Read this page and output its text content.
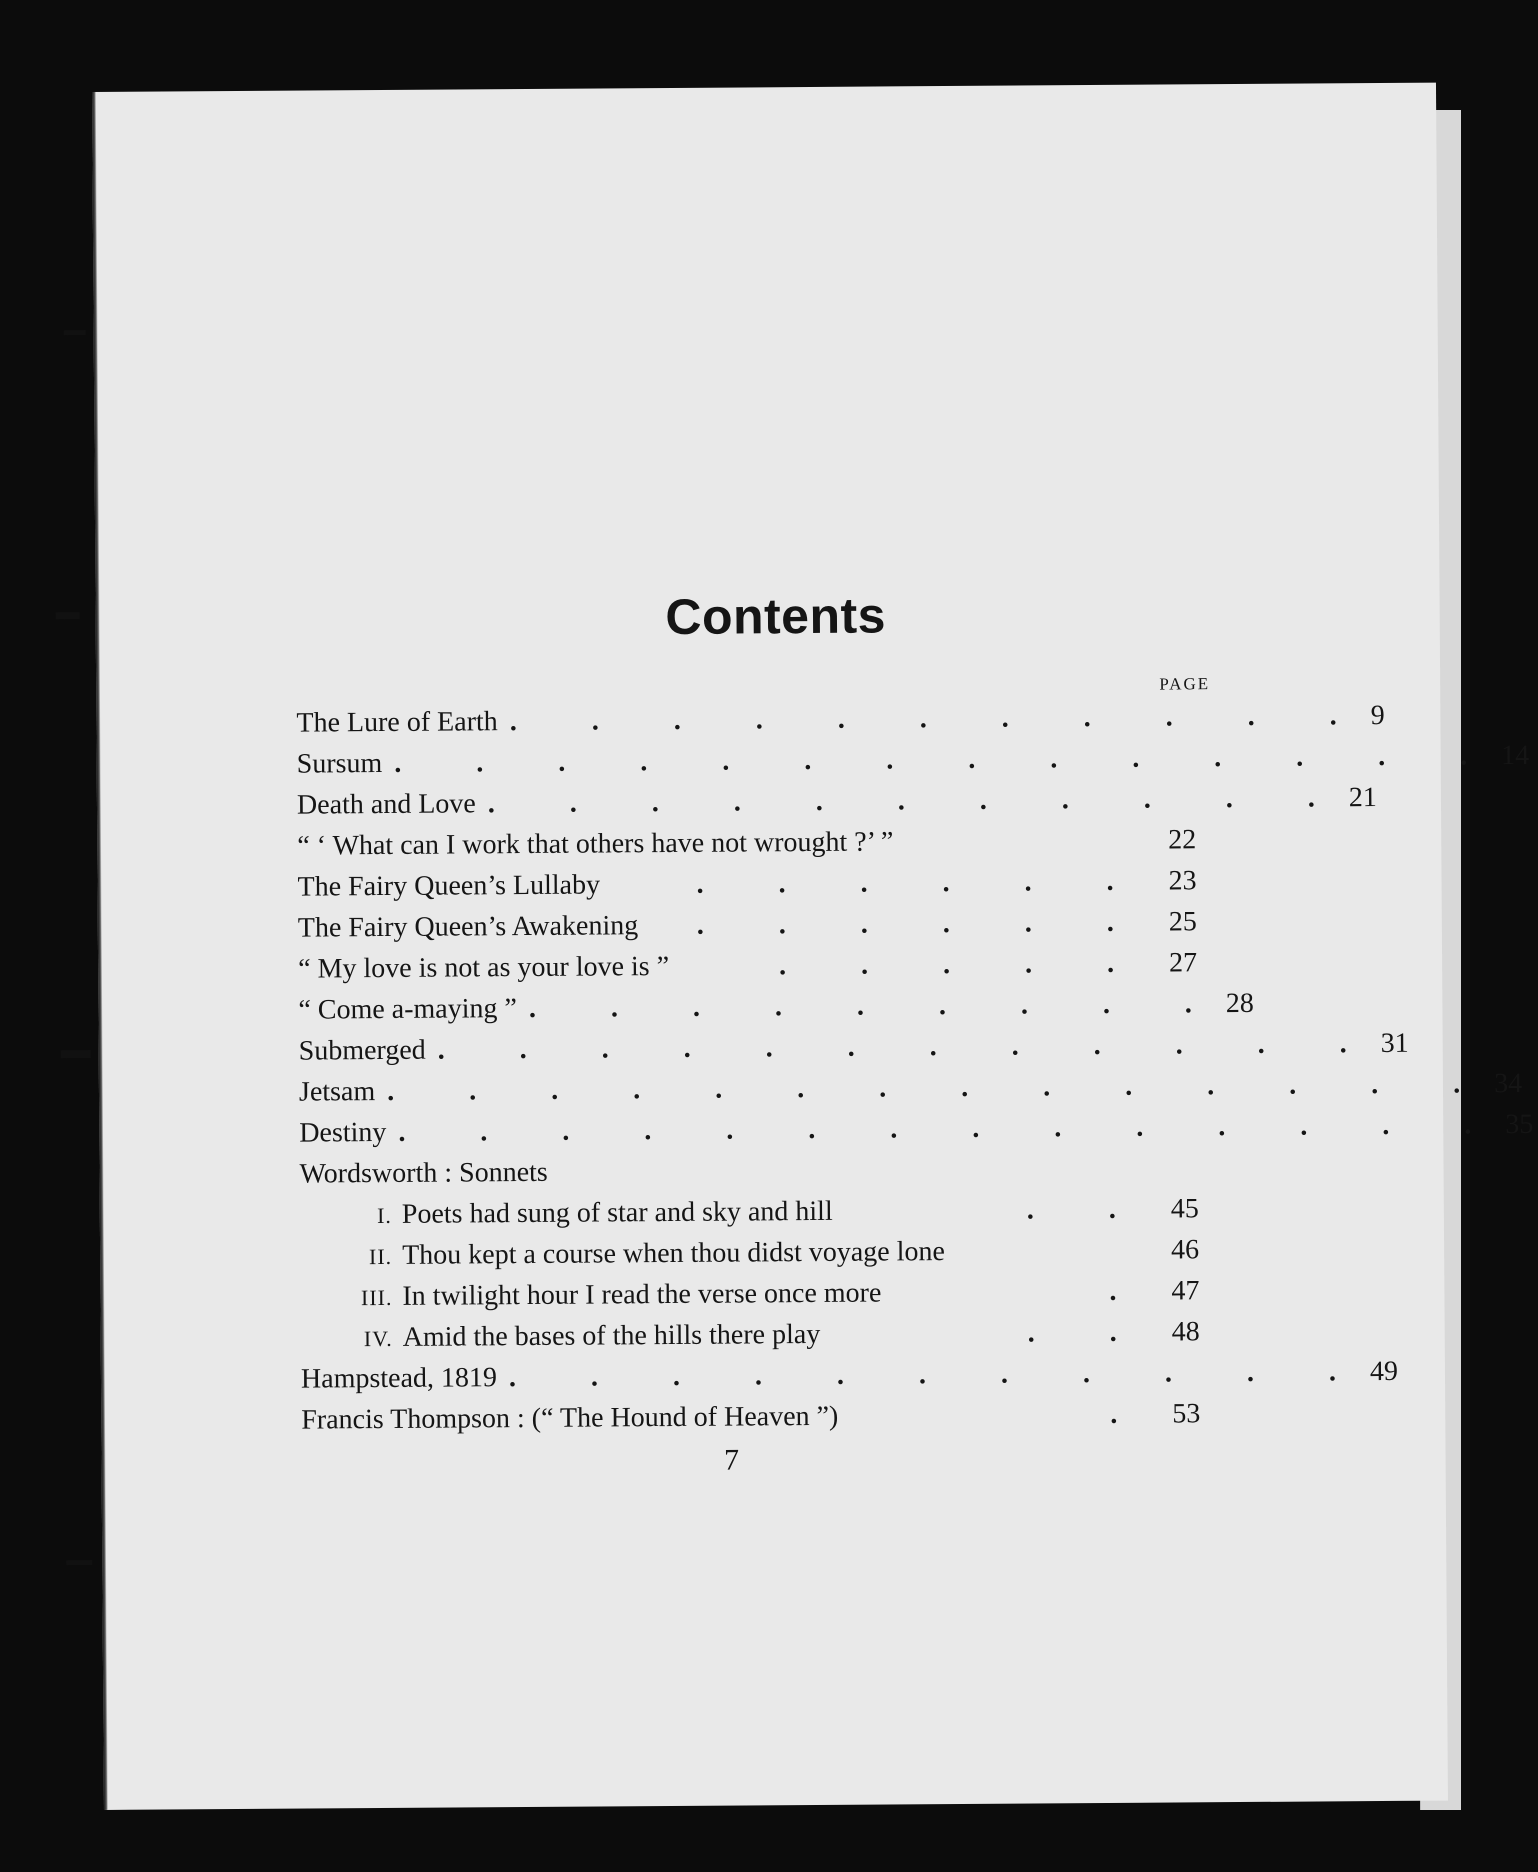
Contents
PAGE
The Lure of Earth . . . . . . . . . . . 9
Sursum . . . . . . . . . . . . . . 14
Death and Love . . . . . . . . . . . 21
“ ‘ What can I work that others have not wrought ?’ ”	22
The Fairy Queen’s Lullaby	. . . . . . 23
The Fairy Queen’s Awakening	. . . . . . 25
“ My love is not as your love is ”	. . . . . 27
“ Come a-maying ” . . . . . . . . . 28
Submerged . . . . . . . . . . . . 31
Jetsam . . . . . . . . . . . . . . 34
Destiny . . . . . . . . . . . . . . 35
Wordsworth : Sonnets
I. Poets had sung of star and sky and hill	. . 45
II. Thou kept a course when thou didst voyage lone	46
III. In twilight hour I read the verse once more	. 47
IV. Amid the bases of the hills there play	. . 48
Hampstead, 1819 . . . . . . . . . . . 49
Francis Thompson : (“ The Hound of Heaven ”)	. 53
7
